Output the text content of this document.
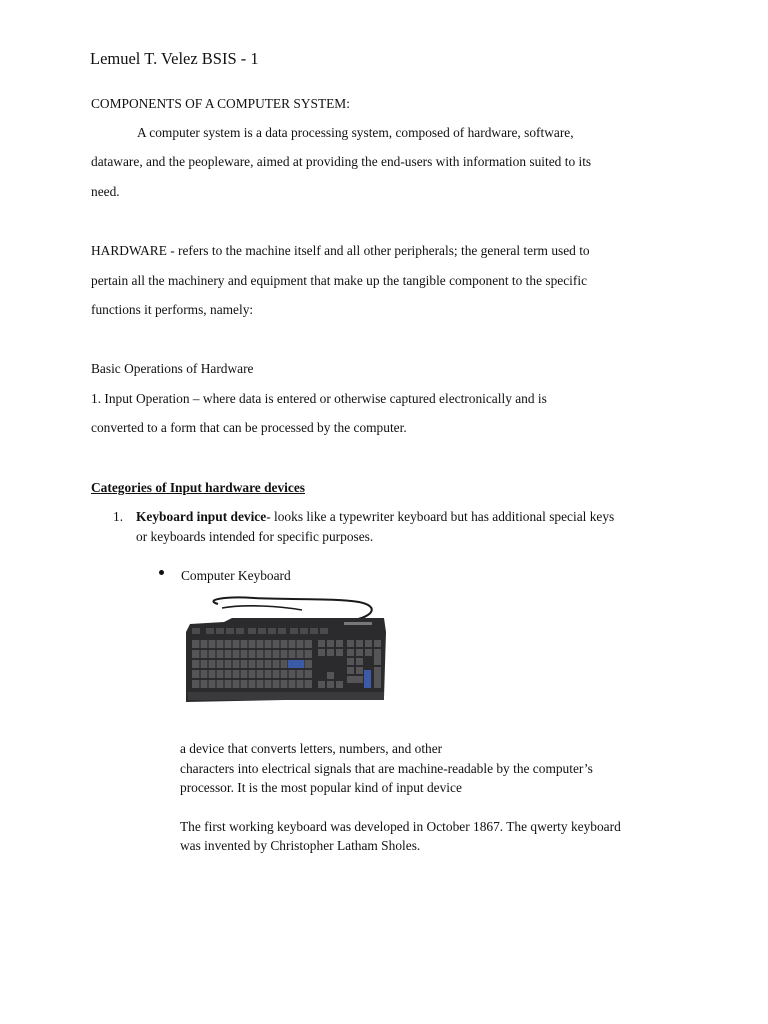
Lemuel T. Velez BSIS - 1
COMPONENTS OF A COMPUTER SYSTEM:
A computer system is a data processing system, composed of hardware, software,
dataware, and the peopleware, aimed at providing the end-users with information suited to its
need.
HARDWARE - refers to the machine itself and all other peripherals; the general term used to
pertain all the machinery and equipment that make up the tangible component to the specific
functions it performs, namely:
Basic Operations of Hardware
1. Input Operation – where data is entered or otherwise captured electronically and is
converted to a form that can be processed by the computer.
Categories of Input hardware devices
1. Keyboard input device- looks like a typewriter keyboard but has additional special keys
or keyboards intended for specific purposes.
Computer Keyboard
a device that converts letters, numbers, and other
characters into electrical signals that are machine-readable by the computer’s
processor. It is the most popular kind of input device
The first working keyboard was developed in October 1867. The qwerty keyboard
was invented by Christopher Latham Sholes.
